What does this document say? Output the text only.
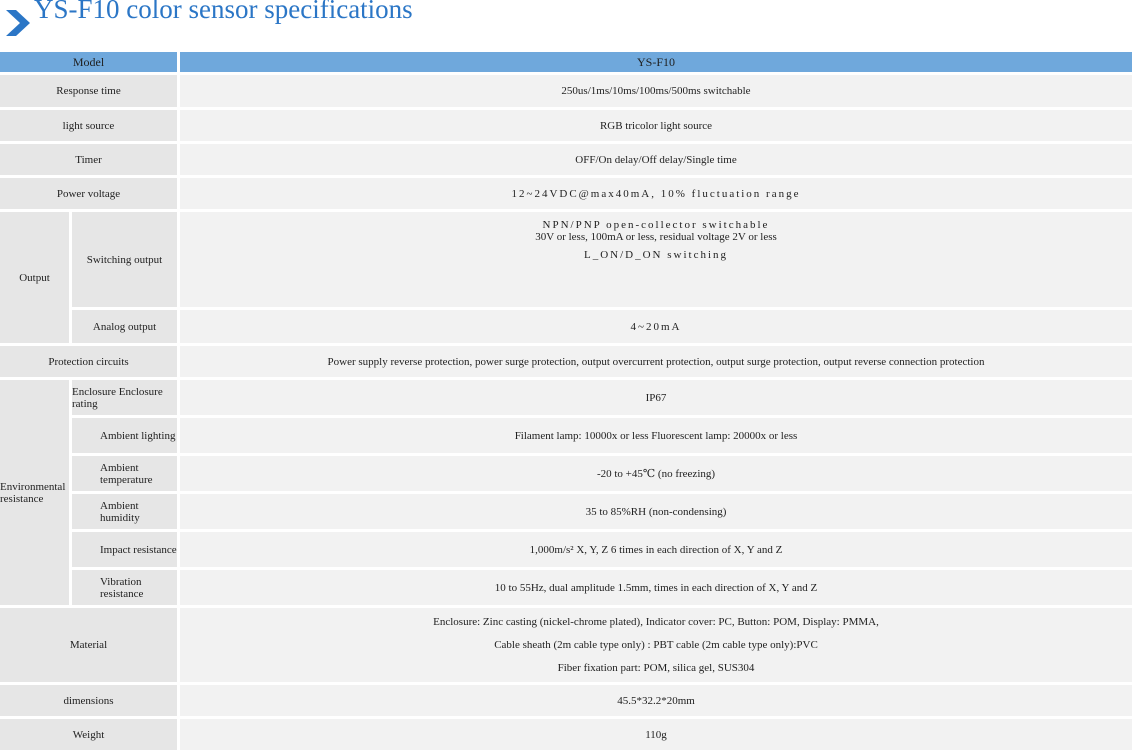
YS-F10 color sensor specifications
Model		YS-F10
Response time		250us/1ms/10ms/100ms/500ms switchable
light source		RGB tricolor light source
Timer		OFF/On delay/Off delay/Single time
Power voltage		12~24VDC@max40mA, 10% fluctuation range
Output	Switching output	NPN/PNP open-collector switchable
30V or less, 100mA or less, residual voltage 2V or less
L_ON/D_ON switching

	Analog output	4~20mA
Protection circuits		Power supply reverse protection, power surge protection, output overcurrent protection, output surge protection, output reverse connection protection
Environmental resistance	Enclosure Enclosure rating	IP67
	Ambient lighting	Filament lamp: 10000x or less Fluorescent lamp: 20000x or less
	Ambient temperature	-20 to +45℃ (no freezing)
	Ambient humidity	35 to 85%RH (non-condensing)
	Impact resistance	1,000m/s² X, Y, Z 6 times in each direction of X, Y and Z
	Vibration resistance	10 to 55Hz, dual amplitude 1.5mm, times in each direction of X, Y and Z
Material		Enclosure: Zinc casting (nickel-chrome plated), Indicator cover: PC, Button: POM, Display: PMMA,
Cable sheath (2m cable type only) : PBT cable (2m cable type only):PVC
Fiber fixation part: POM, silica gel, SUS304

dimensions		45.5*32.2*20mm
Weight		110g
